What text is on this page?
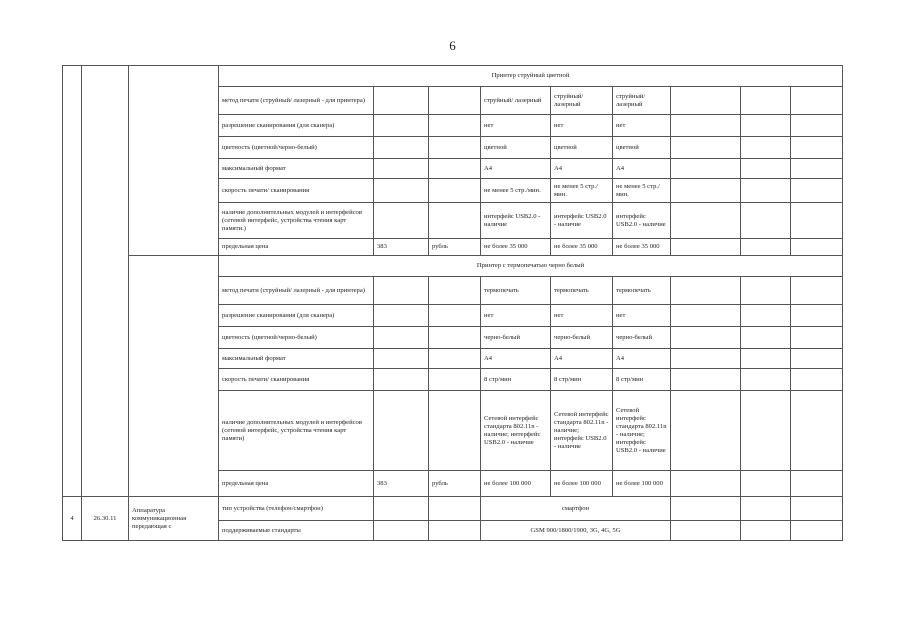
6
			Принтер струйный цветной								
			метод печати (струйный/ лазерный - для принтера)			струйный/ лазерный	струйный/ лазерный	струйный/ лазерный			
			разрешение сканирования (для сканера)			нет	нет	нет			
			цветность (цветной/черно-белый)			цветной	цветной	цветной			
			максимальный формат			А4	А4	А4			
			скорость печати/ сканирования			не менее 5 стр./мин.	не менее 5 стр./мин.	не менее 5 стр./мин.			
			наличие дополнительных модулей и интерфейсов (сетевой интерфейс, устройства чтения карт памяти.)			интерфейс USB2.0 - наличие	интерфейс USB2.0 - наличие	интерфейс USB2.0 - наличие			
			предельная цена	383	рубль	не более 35 000	не более 35 000	не более 35 000			
			Принтер с термопечатью черно белый								
			метод печати (струйный/ лазерный - для принтера)			термопечать	термопечать	термопечать			
			разрешение сканирования (для сканера)			нет	нет	нет			
			цветность (цветной/черно-белый)			черно-белый	черно-белый	черно-белый			
			максимальный формат			А4	А4	А4			
			скорость печати/ сканирования			8 стр/мин	8 стр/мин	8 стр/мин			
			наличие дополнительных модулей и интерфейсов (сетевой интерфейс, устройства чтения карт памяти)			Сетевой интерфейс стандарта 802.11n - наличие; интерфейс USB2.0 - наличие	Сетевой интерфейс стандарта 802.11n - наличие; интерфейс USB2.0 - наличие	Сетевой интерфейс стандарта 802.11n - наличие; интерфейс USB2.0 - наличие			
			предельная цена	383	рубль	не более 100 000	не более 100 000	не более 100 000			
4	26.30.11	Аппаратура коммуникационная передающая с	тип устройства (телефон/смартфон)			смартфон					
			поддерживаемые стандарты			GSM 900/1800/1900, 3G, 4G, 5G					
